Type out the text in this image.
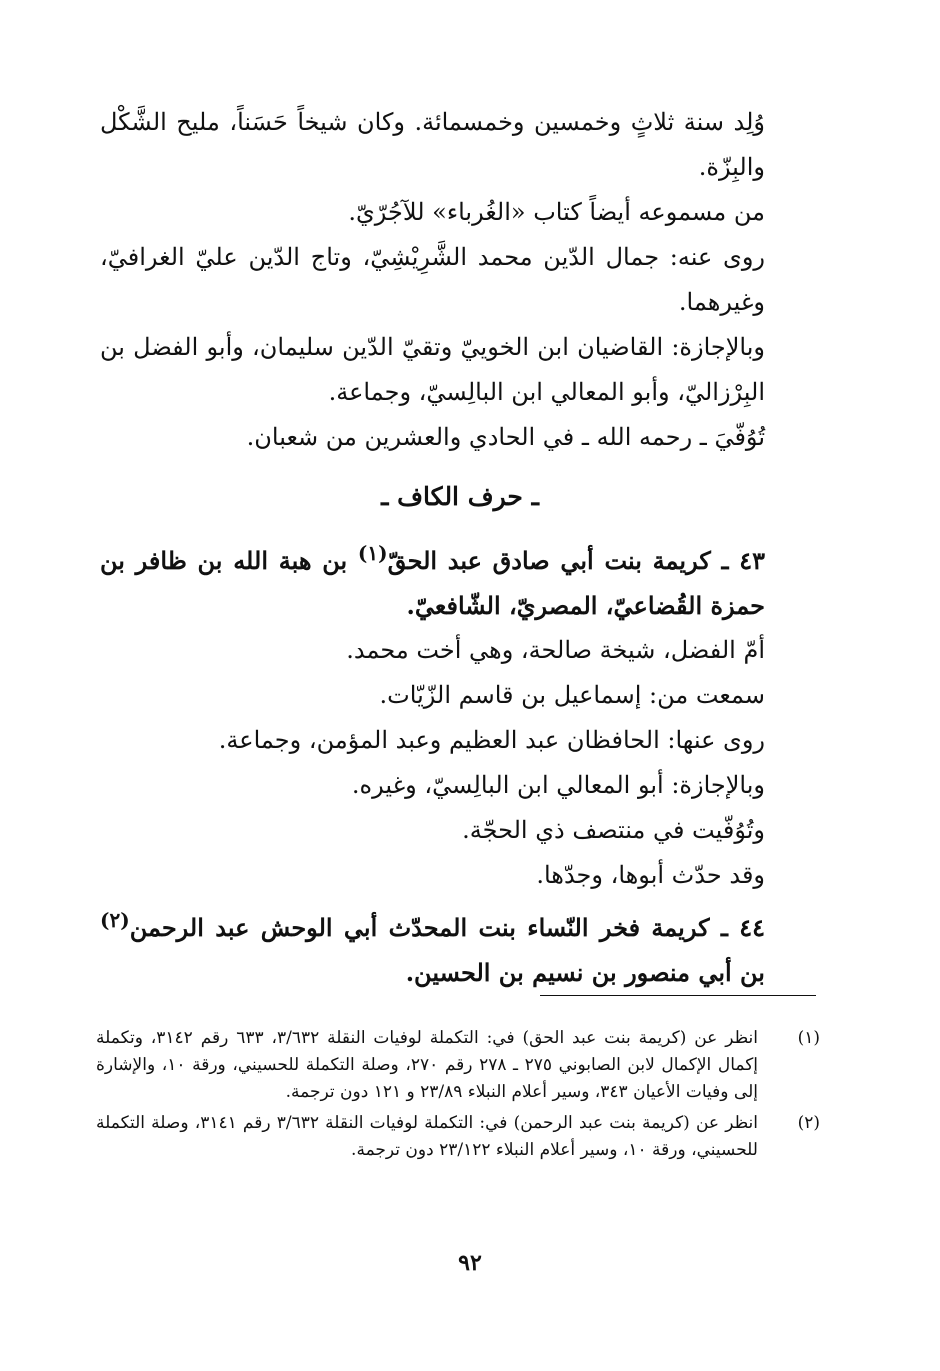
وُلِد سنة ثلاثٍ وخمسين وخمسمائة. وكان شيخاً حَسَناً، مليح الشَّكْل والبِزّة.

من مسموعه أيضاً كتاب «الغُرباء» للآجُرّيّ.

روى عنه: جمال الدّين محمد الشَّرِيْشِيّ، وتاج الدّين عليّ الغرافيّ، وغيرهما.

وبالإجازة: القاضيان ابن الخوييّ وتقيّ الدّين سليمان، وأبو الفضل بن البِرْزاليّ، وأبو المعالي ابن البالِسيّ، وجماعة.

تُوُفّيَ ـ رحمه الله ـ في الحادي والعشرين من شعبان.

ـ حرف الكاف ـ

٤٣ ـ كريمة بنت أبي صادق عبد الحقّ$^{(١)}$ بن هبة الله بن ظافر بن حمزة القُضاعيّ، المصريّ، الشّافعيّ.

أمّ الفضل، شيخة صالحة، وهي أخت محمد.

سمعت من: إسماعيل بن قاسم الزّيّات.

روى عنها: الحافظان عبد العظيم وعبد المؤمن، وجماعة.

وبالإجازة: أبو المعالي ابن البالِسيّ، وغيره.

وتُوُفّيت في منتصف ذي الحجّة.

وقد حدّث أبوها، وجدّها.

٤٤ ـ كريمة فخر النّساء بنت المحدّث أبي الوحش عبد الرحمن$^{(٢)}$ بن أبي منصور بن نسيم بن الحسين.

(١)
انظر عن (كريمة بنت عبد الحق) في: التكملة لوفيات النقلة ٣/٦٣٢، ٦٣٣ رقم ٣١٤٢، وتكملة إكمال الإكمال لابن الصابوني ٢٧٥ ـ ٢٧٨ رقم ٢٧٠، وصلة التكملة للحسيني، ورقة ١٠، والإشارة إلى وفيات الأعيان ٣٤٣، وسير أعلام النبلاء ٢٣/٨٩ و ١٢١ دون ترجمة.
(٢)
انظر عن (كريمة بنت عبد الرحمن) في: التكملة لوفيات النقلة ٣/٦٣٢ رقم ٣١٤١، وصلة التكملة للحسيني، ورقة ١٠، وسير أعلام النبلاء ٢٣/١٢٢ دون ترجمة.
٩٢
